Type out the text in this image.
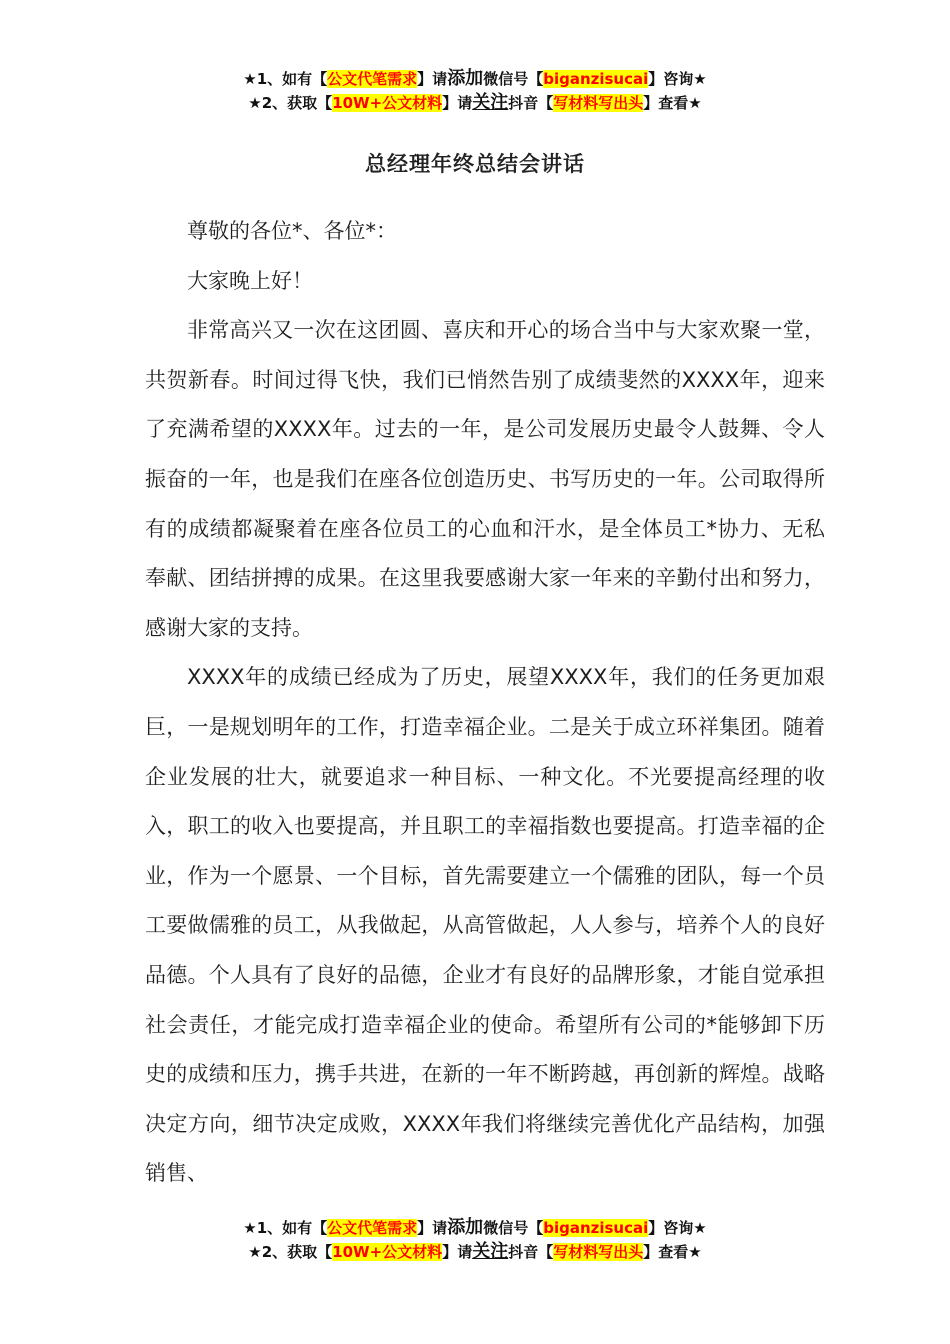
★1、如有【公文代笔需求】请添加微信号【biganzisucai】咨询★
★2、获取【10W+公文材料】请关注抖音【写材料写出头】查看★
总经理年终总结会讲话

尊敬的各位*、各位*：

大家晚上好！

非常高兴又一次在这团圆、喜庆和开心的场合当中与大家欢聚一堂，共贺新春。时间过得飞快，我们已悄然告别了成绩斐然的XXXX年，迎来了充满希望的XXXX年。过去的一年，是公司发展历史最令人鼓舞、令人振奋的一年，也是我们在座各位创造历史、书写历史的一年。公司取得所有的成绩都凝聚着在座各位员工的心血和汗水，是全体员工*协力、无私奉献、团结拼搏的成果。在这里我要感谢大家一年来的辛勤付出和努力，感谢大家的支持。

XXXX年的成绩已经成为了历史，展望XXXX年，我们的任务更加艰巨，一是规划明年的工作，打造幸福企业。二是关于成立环祥集团。随着企业发展的壮大，就要追求一种目标、一种文化。不光要提高经理的收入，职工的收入也要提高，并且职工的幸福指数也要提高。打造幸福的企业，作为一个愿景、一个目标，首先需要建立一个儒雅的团队，每一个员工要做儒雅的员工，从我做起，从高管做起，人人参与，培养个人的良好品德。个人具有了良好的品德，企业才有良好的品牌形象，才能自觉承担社会责任，才能完成打造幸福企业的使命。希望所有公司的*能够卸下历史的成绩和压力，携手共进，在新的一年不断跨越，再创新的辉煌。战略决定方向，细节决定成败，XXXX年我们将继续完善优化产品结构，加强销售、

★1、如有【公文代笔需求】请添加微信号【biganzisucai】咨询★
★2、获取【10W+公文材料】请关注抖音【写材料写出头】查看★
